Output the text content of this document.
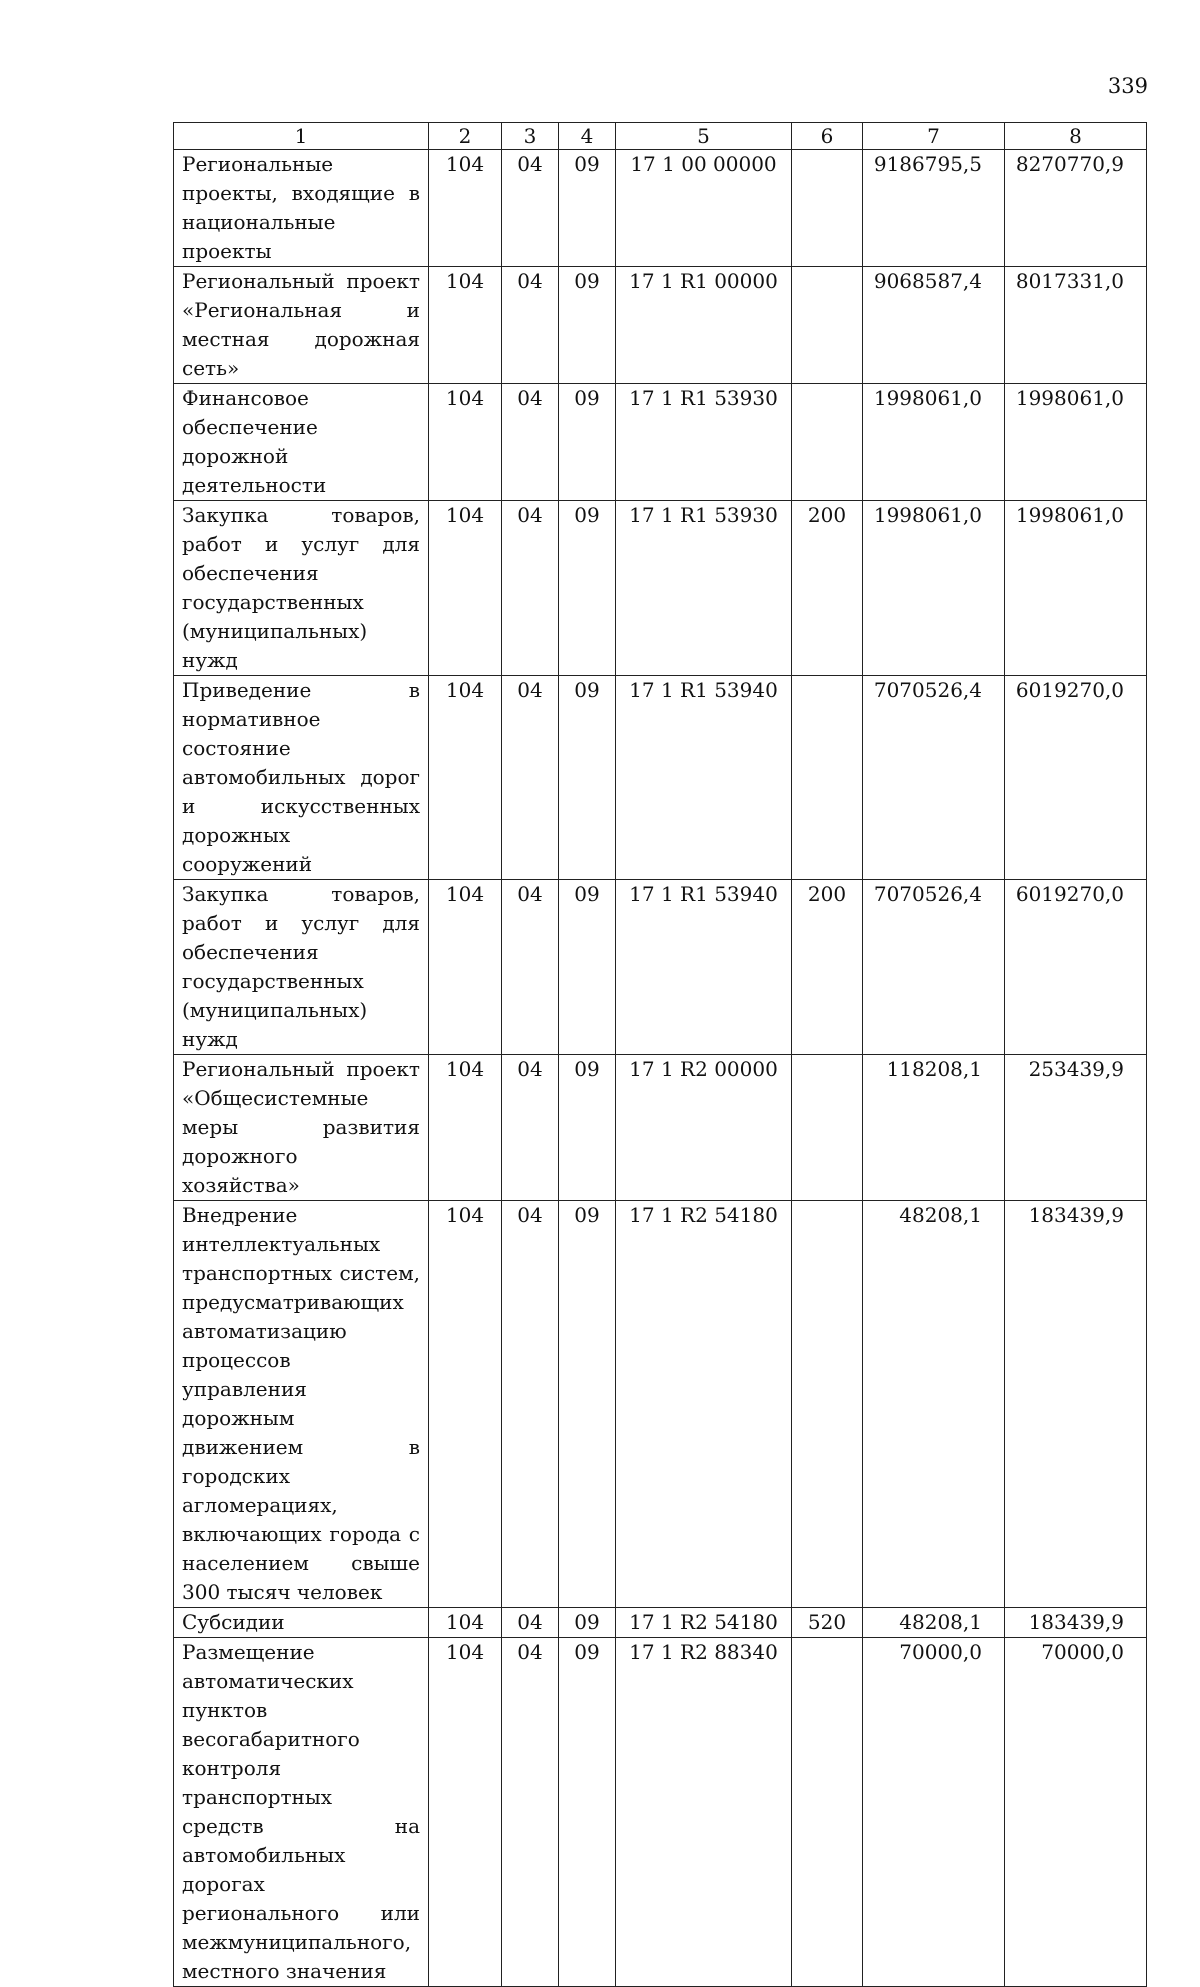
339
1	2	3	4	5	6	7	8
Региональные проекты, входящие в национальные проекты	104	04	09	17 1 00 00000		9186795,5	8270770,9
Региональный проект «Региональная и местная дорожная сеть»	104	04	09	17 1 R1 00000		9068587,4	8017331,0
Финансовое обеспечение дорожной деятельности	104	04	09	17 1 R1 53930		1998061,0	1998061,0
Закупка товаров, работ и услуг для обеспечения государственных (муниципальных) нужд	104	04	09	17 1 R1 53930	200	1998061,0	1998061,0
Приведение в нормативное состояние автомобильных дорог и искусственных дорожных сооружений	104	04	09	17 1 R1 53940		7070526,4	6019270,0
Закупка товаров, работ и услуг для обеспечения государственных (муниципальных) нужд	104	04	09	17 1 R1 53940	200	7070526,4	6019270,0
Региональный проект «Общесистемные меры развития дорожного хозяйства»	104	04	09	17 1 R2 00000		118208,1	253439,9
Внедрение интеллектуальных транспортных систем, предусматривающих автоматизацию процессов управления дорожным движением в городских агломерациях, включающих города с населением свыше 300 тысяч человек	104	04	09	17 1 R2 54180		48208,1	183439,9
Субсидии	104	04	09	17 1 R2 54180	520	48208,1	183439,9
Размещение автоматических пунктов весогабаритного контроля транспортных средств на автомобильных дорогах регионального или межмуниципального, местного значения	104	04	09	17 1 R2 88340		70000,0	70000,0
